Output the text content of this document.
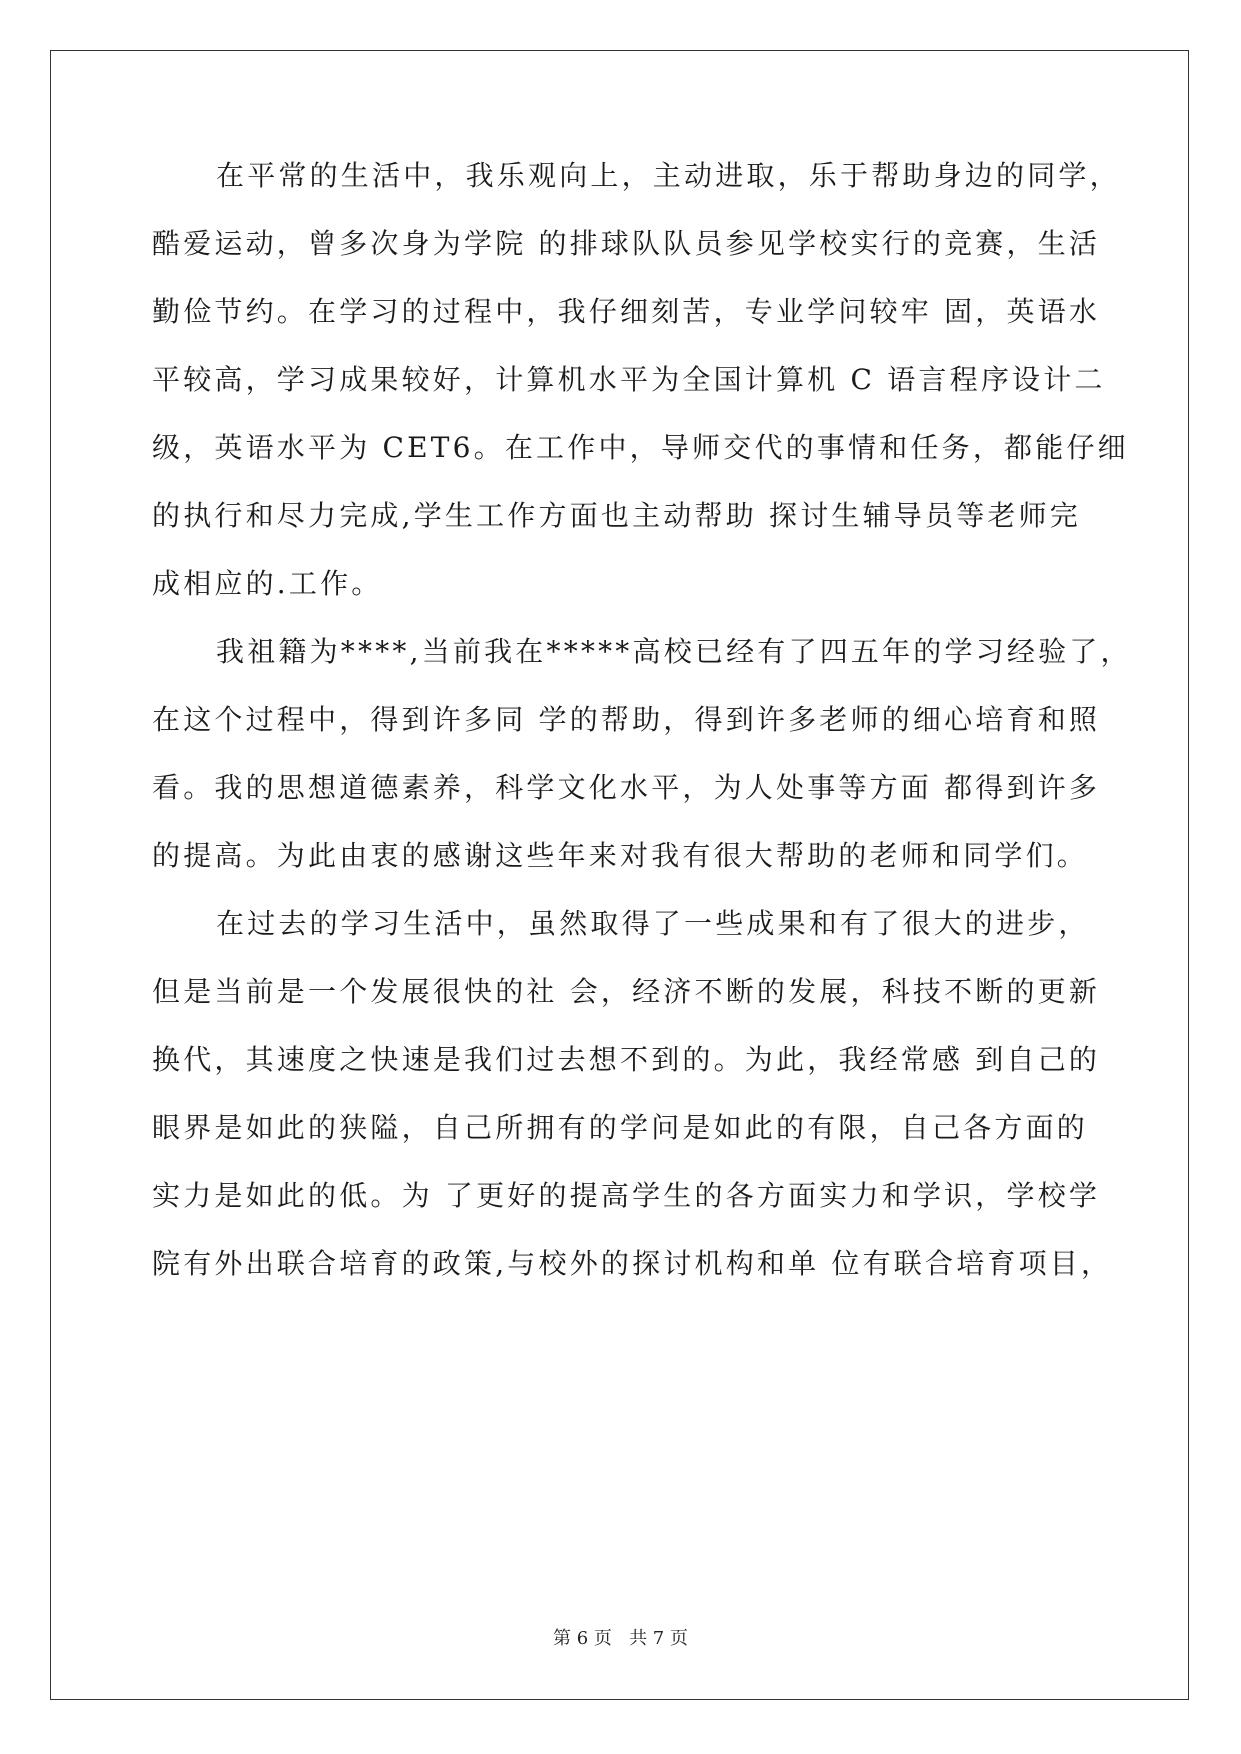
在平常的生活中，我乐观向上，主动进取，乐于帮助身边的同学，
酷爱运动，曾多次身为学院 的排球队队员参见学校实行的竞赛，生活
勤俭节约。在学习的过程中，我仔细刻苦，专业学问较牢 固，英语水
平较高，学习成果较好，计算机水平为全国计算机 C 语言程序设计二
级，英语水平为 CET6。在工作中，导师交代的事情和任务，都能仔细
的执行和尽力完成,学生工作方面也主动帮助 探讨生辅导员等老师完
成相应的.工作。
我祖籍为****,当前我在*****高校已经有了四五年的学习经验了，
在这个过程中，得到许多同 学的帮助，得到许多老师的细心培育和照
看。我的思想道德素养，科学文化水平，为人处事等方面 都得到许多
的提高。为此由衷的感谢这些年来对我有很大帮助的老师和同学们。
在过去的学习生活中，虽然取得了一些成果和有了很大的进步，
但是当前是一个发展很快的社 会，经济不断的发展，科技不断的更新
换代，其速度之快速是我们过去想不到的。为此，我经常感 到自己的
眼界是如此的狭隘，自己所拥有的学问是如此的有限，自己各方面的
实力是如此的低。为 了更好的提高学生的各方面实力和学识，学校学
院有外出联合培育的政策,与校外的探讨机构和单 位有联合培育项目，
第 6 页 共 7 页
